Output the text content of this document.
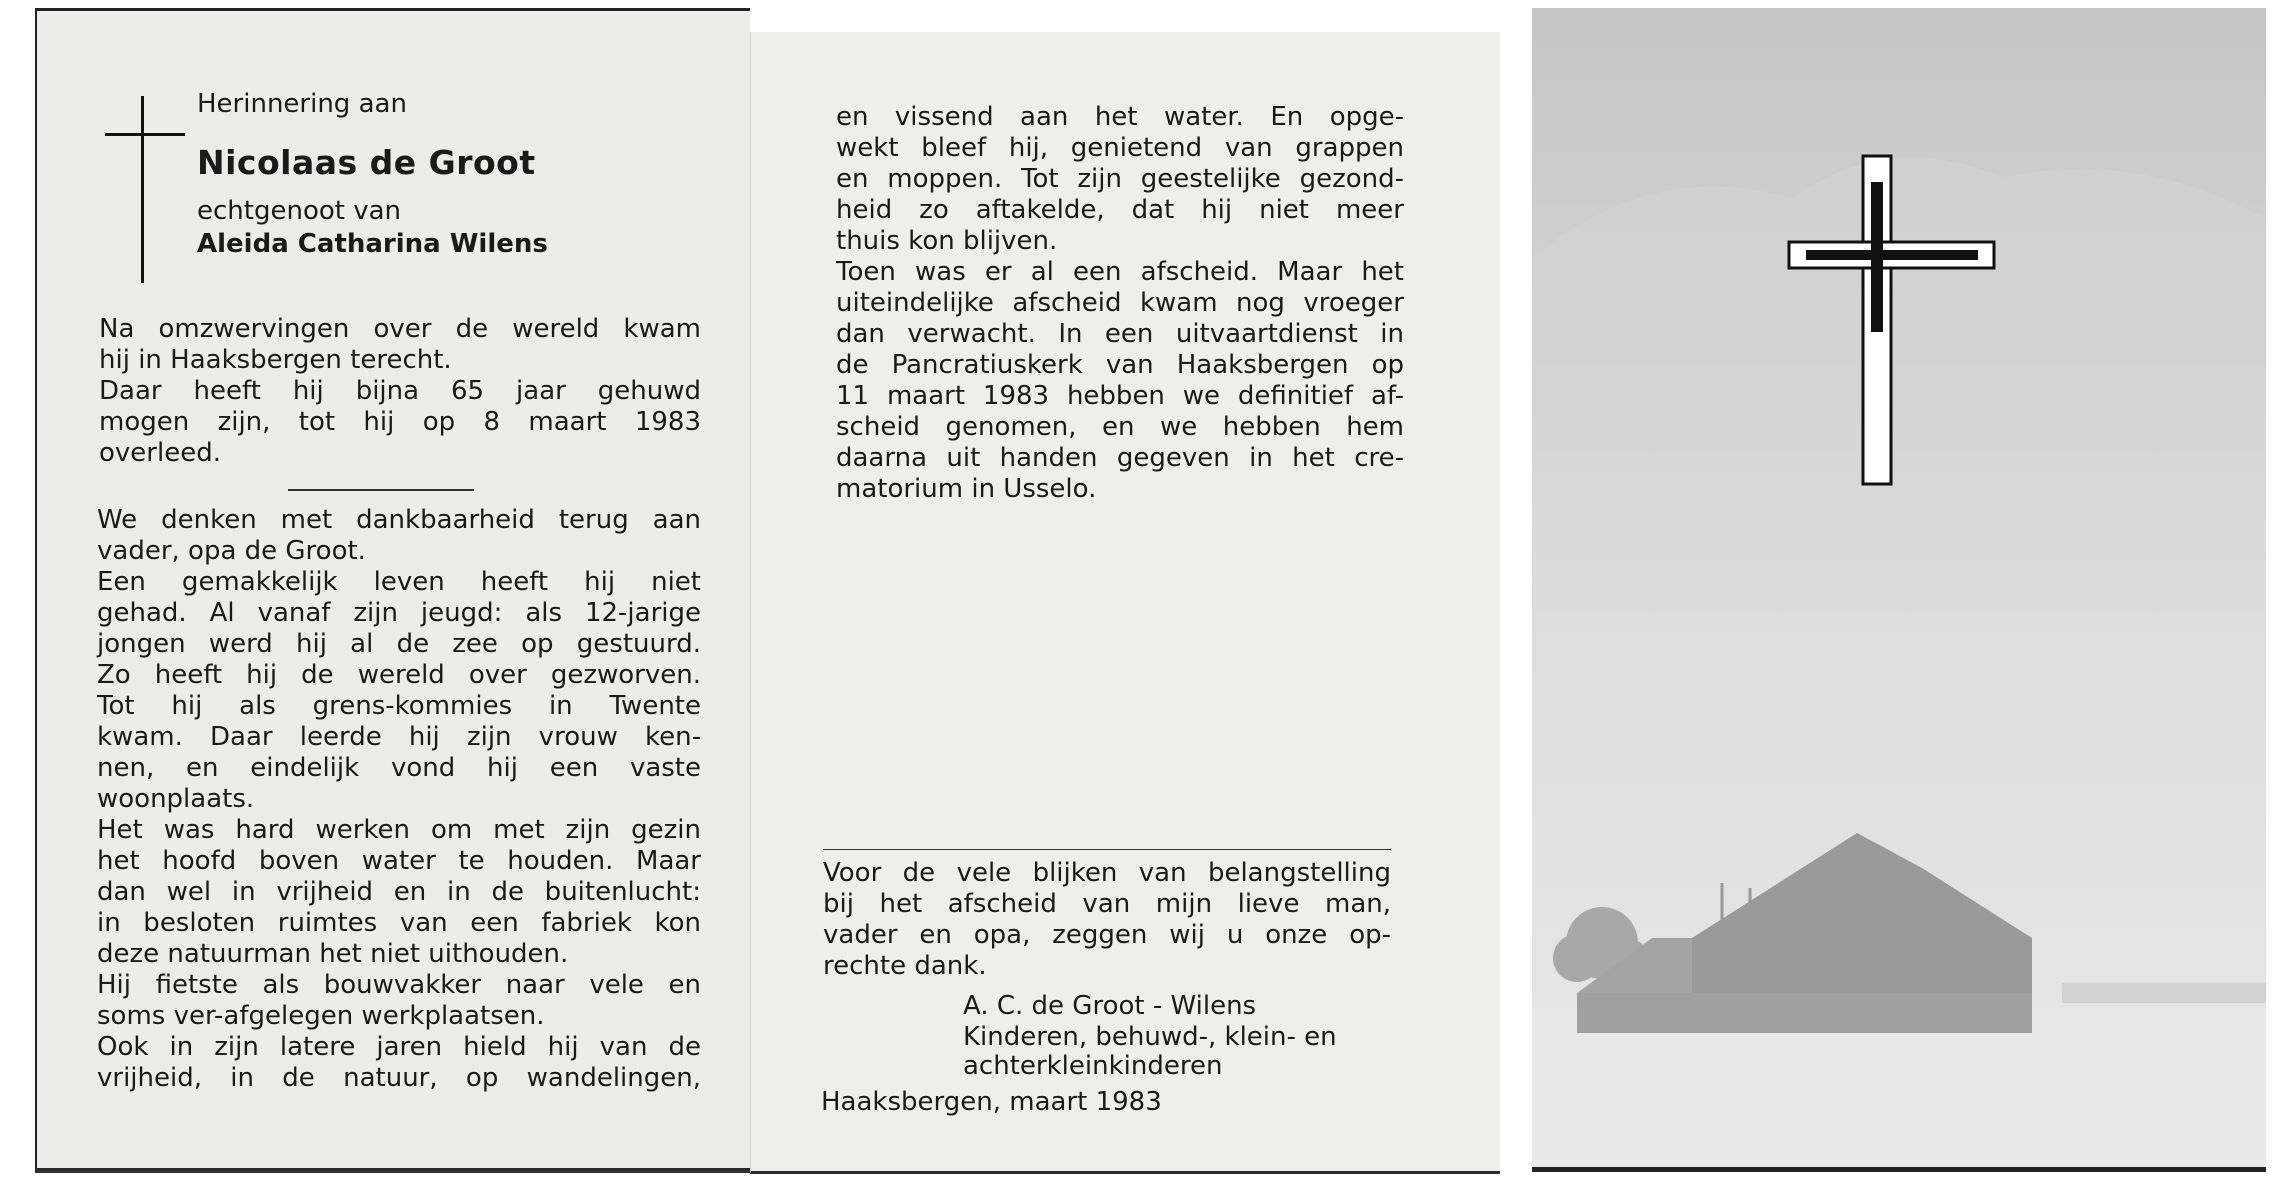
Herinnering aan
Nicolaas de Groot
echtgenoot van
Aleida Catharina Wilens
Na omzwervingen over de wereld kwam
hij in Haaksbergen terecht.
Daar heeft hij bijna 65 jaar gehuwd
mogen zijn, tot hij op 8 maart 1983
overleed.
We denken met dankbaarheid terug aan
vader, opa de Groot.
Een gemakkelijk leven heeft hij niet
gehad. Al vanaf zijn jeugd: als 12-jarige
jongen werd hij al de zee op gestuurd.
Zo heeft hij de wereld over gezworven.
Tot hij als grens-kommies in Twente
kwam. Daar leerde hij zijn vrouw ken-
nen, en eindelijk vond hij een vaste
woonplaats.
Het was hard werken om met zijn gezin
het hoofd boven water te houden. Maar
dan wel in vrijheid en in de buitenlucht:
in besloten ruimtes van een fabriek kon
deze natuurman het niet uithouden.
Hij fietste als bouwvakker naar vele en
soms ver-afgelegen werkplaatsen.
Ook in zijn latere jaren hield hij van de
vrijheid, in de natuur, op wandelingen,
en vissend aan het water. En opge-
wekt bleef hij, genietend van grappen
en moppen. Tot zijn geestelijke gezond-
heid zo aftakelde, dat hij niet meer
thuis kon blijven.
Toen was er al een afscheid. Maar het
uiteindelijke afscheid kwam nog vroeger
dan verwacht. In een uitvaartdienst in
de Pancratiuskerk van Haaksbergen op
11 maart 1983 hebben we definitief af-
scheid genomen, en we hebben hem
daarna uit handen gegeven in het cre-
matorium in Usselo.
Voor de vele blijken van belangstelling
bij het afscheid van mijn lieve man,
vader en opa, zeggen wij u onze op-
rechte dank.
A. C. de Groot - Wilens
Kinderen, behuwd-, klein- en
achterkleinkinderen
Haaksbergen, maart 1983
